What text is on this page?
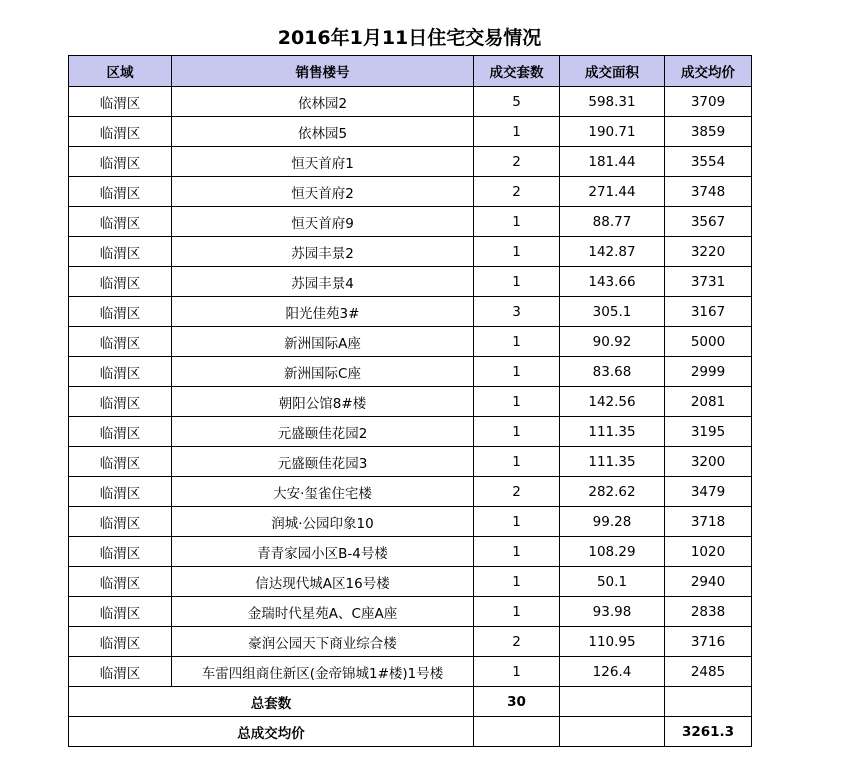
2016年1月11日住宅交易情况
区域	销售楼号	成交套数	成交面积	成交均价
临渭区	依林园2	5	598.31	3709
临渭区	依林园5	1	190.71	3859
临渭区	恒天首府1	2	181.44	3554
临渭区	恒天首府2	2	271.44	3748
临渭区	恒天首府9	1	88.77	3567
临渭区	苏园丰景2	1	142.87	3220
临渭区	苏园丰景4	1	143.66	3731
临渭区	阳光佳苑3#	3	305.1	3167
临渭区	新洲国际A座	1	90.92	5000
临渭区	新洲国际C座	1	83.68	2999
临渭区	朝阳公馆8#楼	1	142.56	2081
临渭区	元盛颐佳花园2	1	111.35	3195
临渭区	元盛颐佳花园3	1	111.35	3200
临渭区	大安·玺雀住宅楼	2	282.62	3479
临渭区	润城·公园印象10	1	99.28	3718
临渭区	青青家园小区B-4号楼	1	108.29	1020
临渭区	信达现代城A区16号楼	1	50.1	2940
临渭区	金瑞时代星苑A、C座A座	1	93.98	2838
临渭区	豪润公园天下商业综合楼	2	110.95	3716
临渭区	车雷四组商住新区(金帝锦城1#楼)1号楼	1	126.4	2485
总套数		30		
总成交均价				3261.3
